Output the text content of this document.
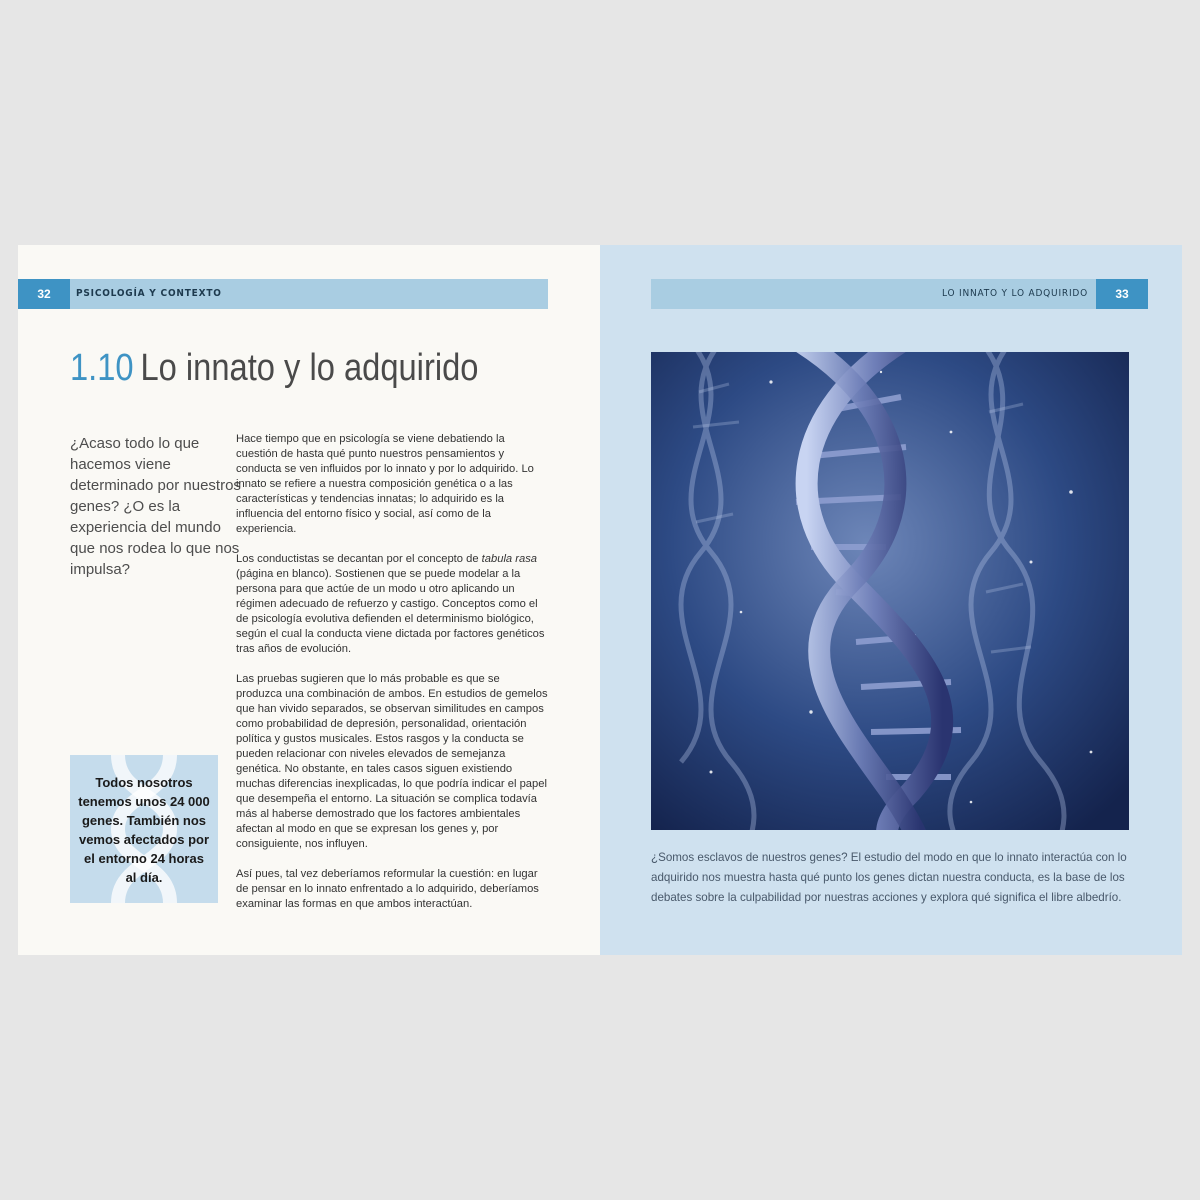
32	PSICOLOGÍA Y CONTEXTO
1.10 Lo innato y lo adquirido

¿Acaso todo lo que hacemos viene determinado por nuestros genes? ¿O es la experiencia del mundo que nos rodea lo que nos impulsa?

Hace tiempo que en psicología se viene debatiendo la cuestión de hasta qué punto nuestros pensamientos y conducta se ven influidos por lo innato y por lo adquirido. Lo innato se refiere a nuestra composición genética o a las características y tendencias innatas; lo adquirido es la influencia del entorno físico y social, así como de la experiencia.

Los conductistas se decantan por el concepto de tabula rasa (página en blanco). Sostienen que se puede modelar a la persona para que actúe de un modo u otro aplicando un régimen adecuado de refuerzo y castigo. Conceptos como el de psicología evolutiva defienden el determinismo biológico, según el cual la conducta viene dictada por factores genéticos tras años de evolución.

Las pruebas sugieren que lo más probable es que se produzca una combinación de ambos. En estudios de gemelos que han vivido separados, se observan similitudes en campos como probabilidad de depresión, personalidad, orientación política y gustos musicales. Estos rasgos y la conducta se pueden relacionar con niveles elevados de semejanza genética. No obstante, en tales casos siguen existiendo muchas diferencias inexplicadas, lo que podría indicar el papel que desempeña el entorno. La situación se complica todavía más al haberse demostrado que los factores ambientales afectan al modo en que se expresan los genes y, por consiguiente, nos influyen.

Así pues, tal vez deberíamos reformular la cuestión: en lugar de pensar en lo innato enfrentado a lo adquirido, deberíamos examinar las formas en que ambos interactúan.

Todos nosotros tenemos unos 24 000 genes. También nos vemos afectados por el entorno 24 horas al día.

LO INNATO Y LO ADQUIRIDO	33

¿Somos esclavos de nuestros genes? El estudio del modo en que lo innato interactúa con lo adquirido nos muestra hasta qué punto los genes dictan nuestra conducta, es la base de los debates sobre la culpabilidad por nuestras acciones y explora qué significa el libre albedrío.
